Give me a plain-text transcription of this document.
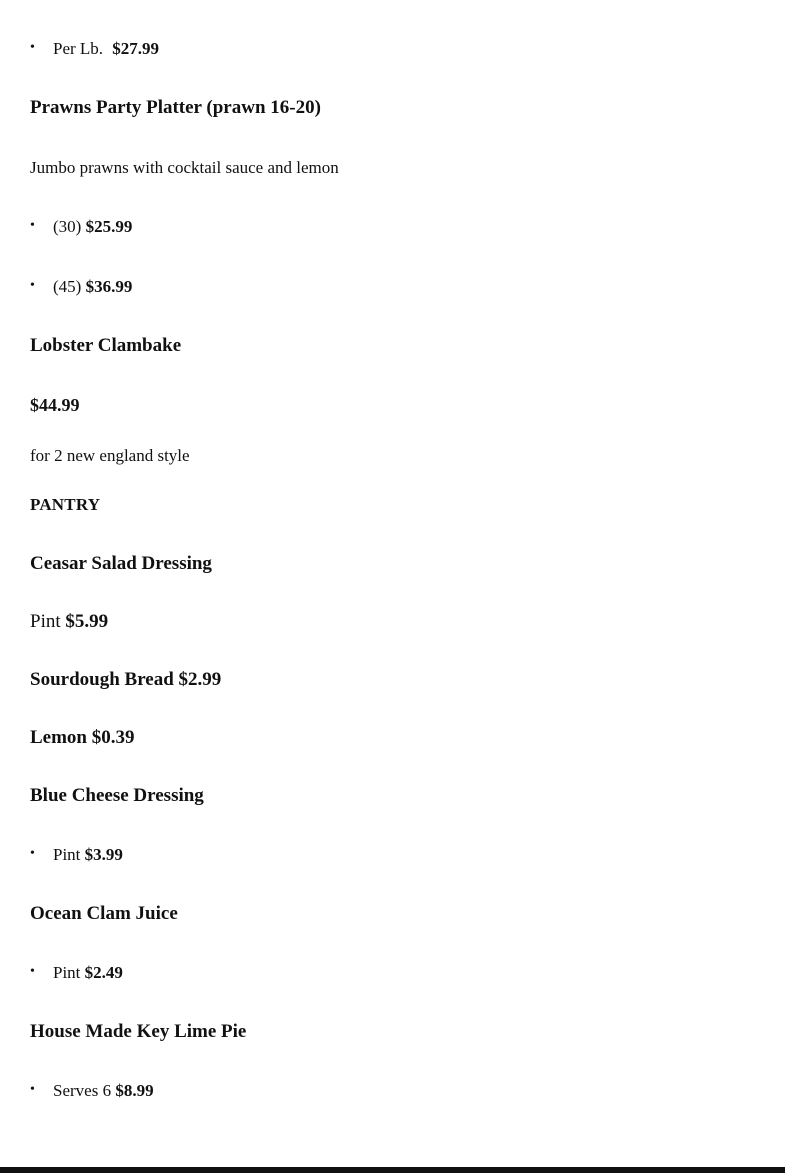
• Per Lb. $27.99
Prawns Party Platter (prawn 16-20)
Jumbo prawns with cocktail sauce and lemon
• (30) $25.99
• (45) $36.99
Lobster Clambake
$44.99
for 2 new england style
PANTRY
Ceasar Salad Dressing
Pint $5.99
Sourdough Bread $2.99
Lemon $0.39
Blue Cheese Dressing
• Pint $3.99
Ocean Clam Juice
• Pint $2.49
House Made Key Lime Pie
• Serves 6 $8.99
